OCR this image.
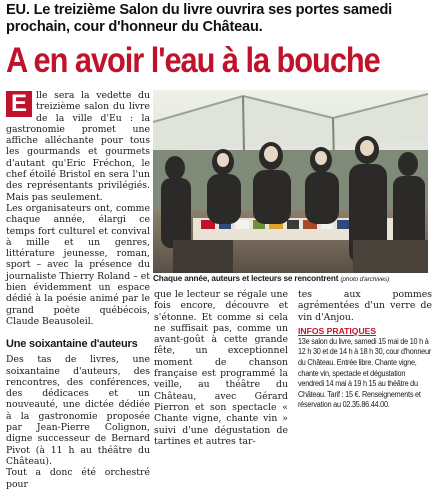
EU. Le treizième Salon du livre ouvrira ses portes samedi prochain, cour d'honneur du Château.
A en avoir l'eau à la bouche

E lle sera la vedette du treizième salon du livre de la ville d'Eu : la gastronomie promet une affiche alléchante pour tous les gourmands et gourmets d'autant qu'Eric Fréchon, le chef étoilé Bristol en sera l'un des représentants privilégiés. Mais pas seulement.

Les organisateurs ont, comme chaque année, élargi ce temps fort culturel et convival à mille et un genres, littérature jeunesse, roman, sport – avec la présence du journaliste Thierry Roland – et bien évidemment un espace dédié à la poésie animé par le grand poète québécois, Claude Beausoleil.

Une soixantaine d'auteurs

Des tas de livres, une soixantaine d'auteurs, des rencontres, des conférences, des dédicaces et un nouveauté, une dictée dédiée à la gastronomie proposée par Jean-Pierre Colignon, digne successeur de Bernard Pivot (à 11 h au théâtre du Château).

Tout a donc été orchestré pour

Chaque année, auteurs et lecteurs se rencontrent (photo d'archives)

que le lecteur se régale une fois encore, découvre et s'étonne. Et comme si cela ne suffisait pas, comme un avant-goût à cette grande fête, un exceptionnel moment de chanson française est programmé la veille, au théâtre du Château, avec Gérard Pierron et son spectacle « Chante vigne, chante vin » suivi d'une dégustation de tartines et autres tar-

tes aux pommes agrémentées d'un verre de vin d'Anjou.

INFOS PRATIQUES

13e salon du livre, samedi 15 mai de 10 h à 12 h 30 et de 14 h à 18 h 30, cour d'honneur du Château. Entrée libre. Chante vigne, chante vin, spectacle et dégustation vendredi 14 mai à 19 h 15 au théâtre du Château. Tarif : 15 €. Renseignements et réservation au 02.35.86.44.00.
